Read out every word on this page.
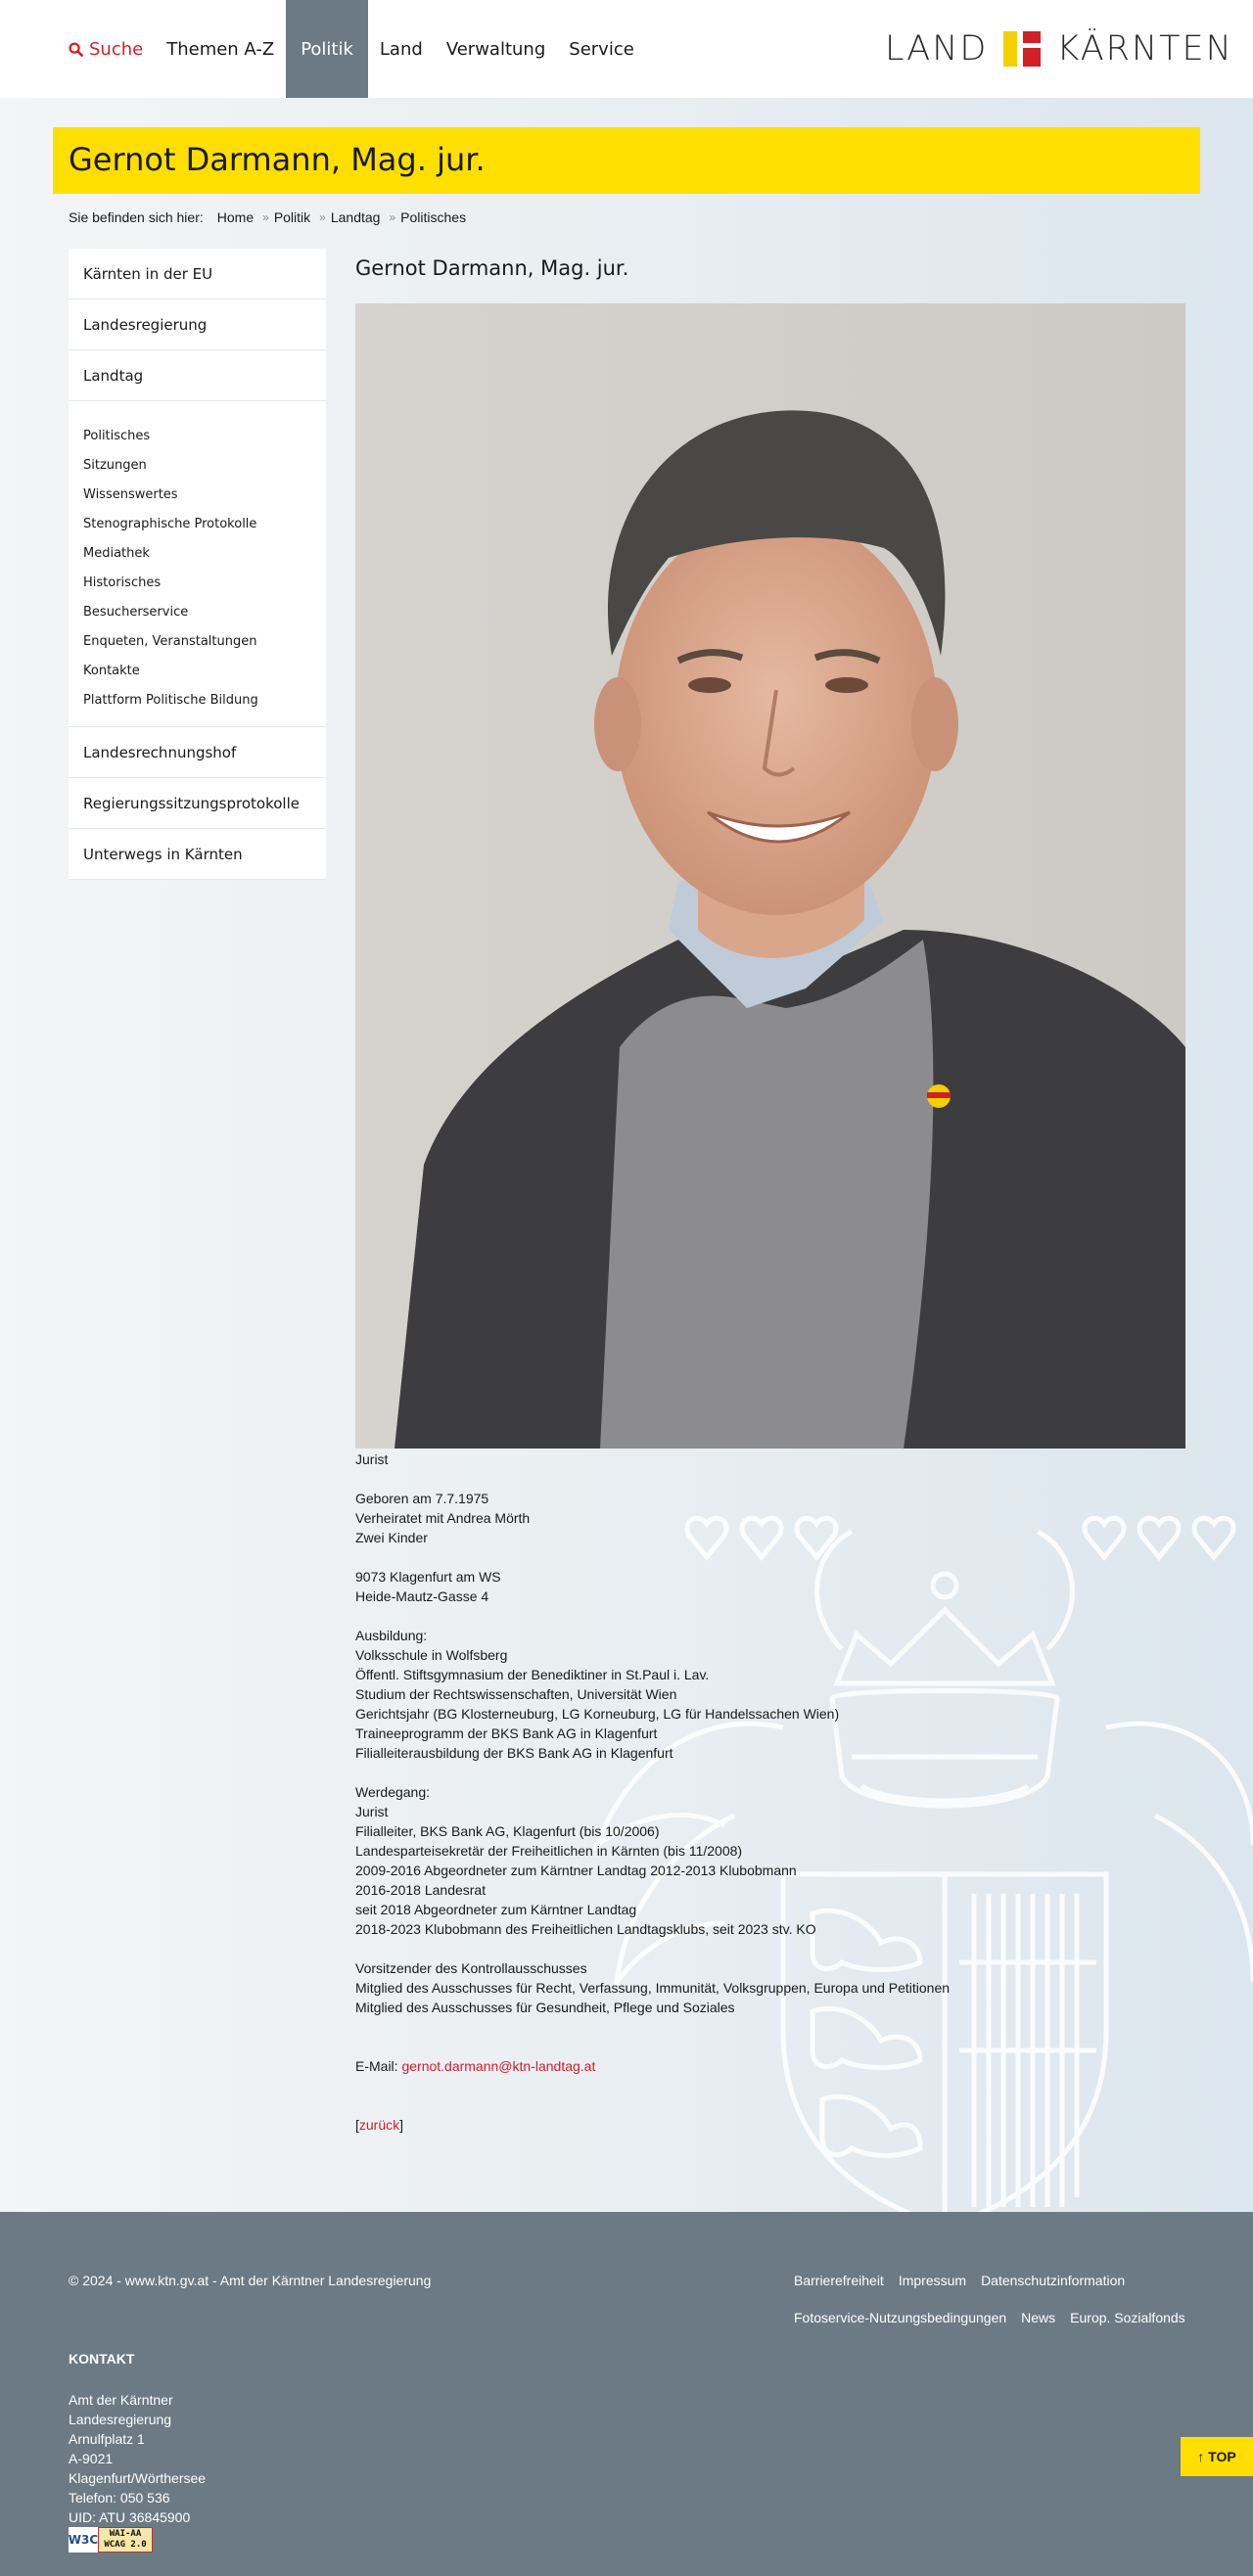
Suche	Themen A-Z	Politik	Land	Verwaltung	Service	LAND KÄRNTEN
Gernot Darmann, Mag. jur.
Sie befinden sich hier: Home » Politik » Landtag » Politisches
Kärnten in der EU
Landesregierung
Landtag
Politisches
Sitzungen
Wissenswertes
Stenographische Protokolle
Mediathek
Historisches
Besucherservice
Enqueten, Veranstaltungen
Kontakte
Plattform Politische Bildung
Landesrechnungshof
Regierungssitzungsprotokolle
Unterwegs in Kärnten
Gernot Darmann, Mag. jur.
Jurist
Geboren am 7.7.1975
Verheiratet mit Andrea Mörth
Zwei Kinder
9073 Klagenfurt am WS
Heide-Mautz-Gasse 4
Ausbildung:
Volksschule in Wolfsberg
Öffentl. Stiftsgymnasium der Benediktiner in St.Paul i. Lav.
Studium der Rechtswissenschaften, Universität Wien
Gerichtsjahr (BG Klosterneuburg, LG Korneuburg, LG für Handelssachen Wien)
Traineeprogramm der BKS Bank AG in Klagenfurt
Filialleiterausbildung der BKS Bank AG in Klagenfurt
Werdegang:
Jurist
Filialleiter, BKS Bank AG, Klagenfurt (bis 10/2006)
Landesparteisekretär der Freiheitlichen in Kärnten (bis 11/2008)
2009-2016 Abgeordneter zum Kärntner Landtag 2012-2013 Klubobmann
2016-2018 Landesrat
seit 2018 Abgeordneter zum Kärntner Landtag
2018-2023 Klubobmann des Freiheitlichen Landtagsklubs, seit 2023 stv. KO
Vorsitzender des Kontrollausschusses
Mitglied des Ausschusses für Recht, Verfassung, Immunität, Volksgruppen, Europa und Petitionen
Mitglied des Ausschusses für Gesundheit, Pflege und Soziales
E-Mail: gernot.darmann@ktn-landtag.at
[zurück]
© 2024 - www.ktn.gv.at - Amt der Kärntner Landesregierung	Barrierefreiheit Impressum Datenschutzinformation
Fotoservice-Nutzungsbedingungen News Europ. Sozialfonds
KONTAKT
Amt der Kärntner
Landesregierung
Arnulfplatz 1
A-9021
Klagenfurt/Wörthersee
Telefon: 050 536
UID: ATU 36845900
W3C WAI-AA
WCAG 2.0
↑ TOP
